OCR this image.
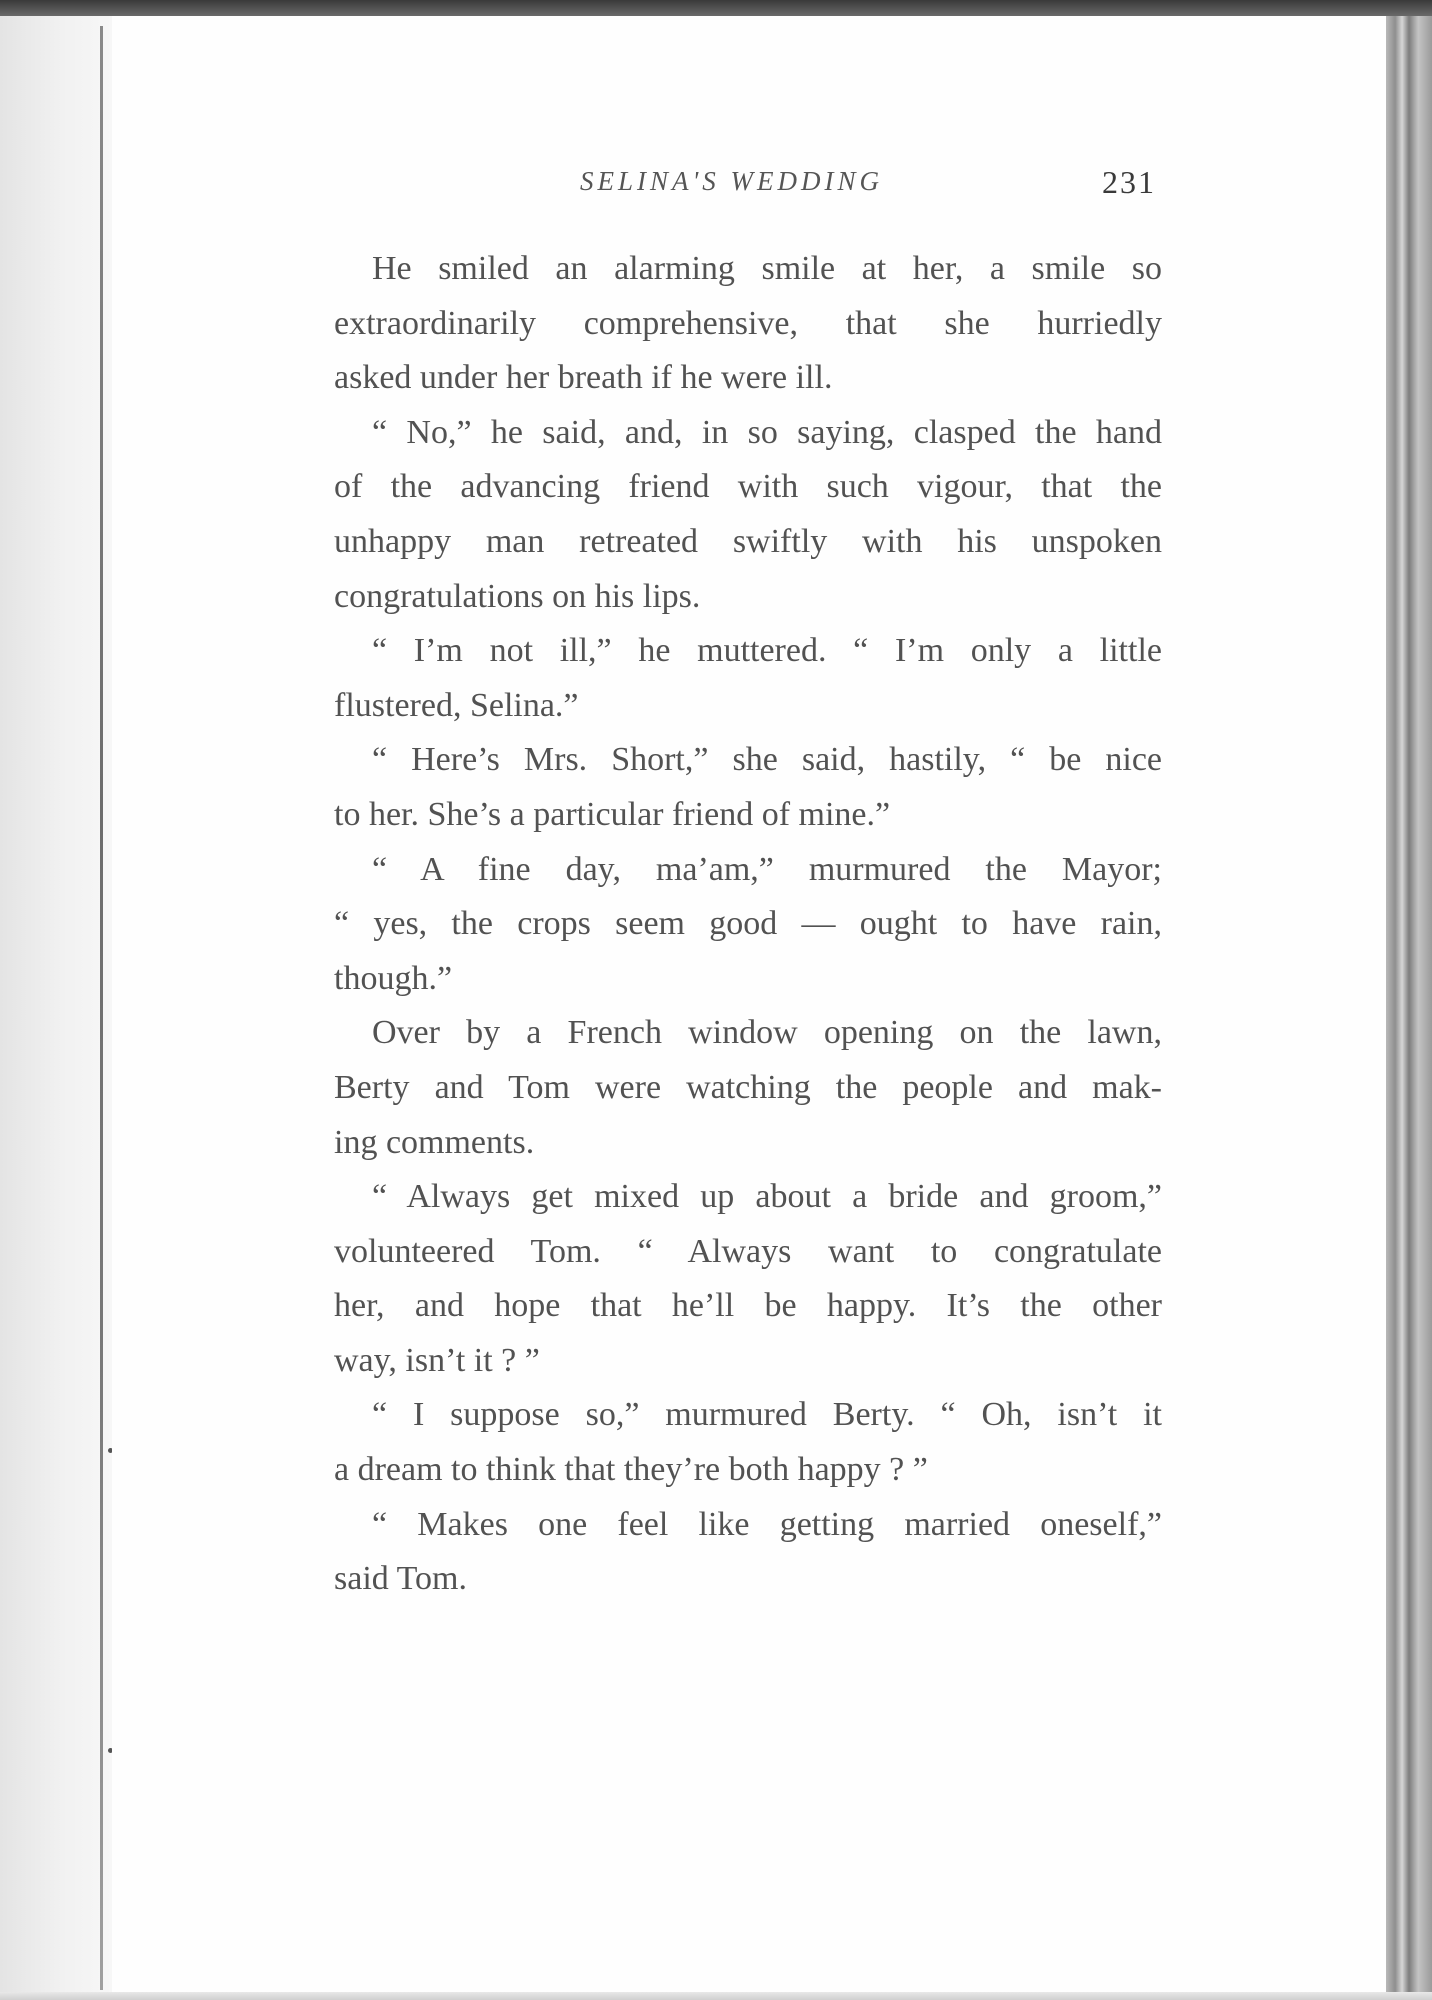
SELINA'S WEDDING	231

He smiled an alarming smile at her, a smile so
extraordinarily comprehensive, that she hurriedly
asked under her breath if he were ill.

“ No,” he said, and, in so saying, clasped the hand
of the advancing friend with such vigour, that the
unhappy man retreated swiftly with his unspoken
congratulations on his lips.

“ I’m not ill,” he muttered. “ I’m only a little
flustered, Selina.”

“ Here’s Mrs. Short,” she said, hastily, “ be nice
to her. She’s a particular friend of mine.”

“ A fine day, ma’am,” murmured the Mayor;
“ yes, the crops seem good — ought to have rain,
though.”

Over by a French window opening on the lawn,
Berty and Tom were watching the people and mak-
ing comments.

“ Always get mixed up about a bride and groom,”
volunteered Tom. “ Always want to congratulate
her, and hope that he’ll be happy. It’s the other
way, isn’t it ? ”

“ I suppose so,” murmured Berty. “ Oh, isn’t it
a dream to think that they’re both happy ? ”

“ Makes one feel like getting married oneself,”
said Tom.
